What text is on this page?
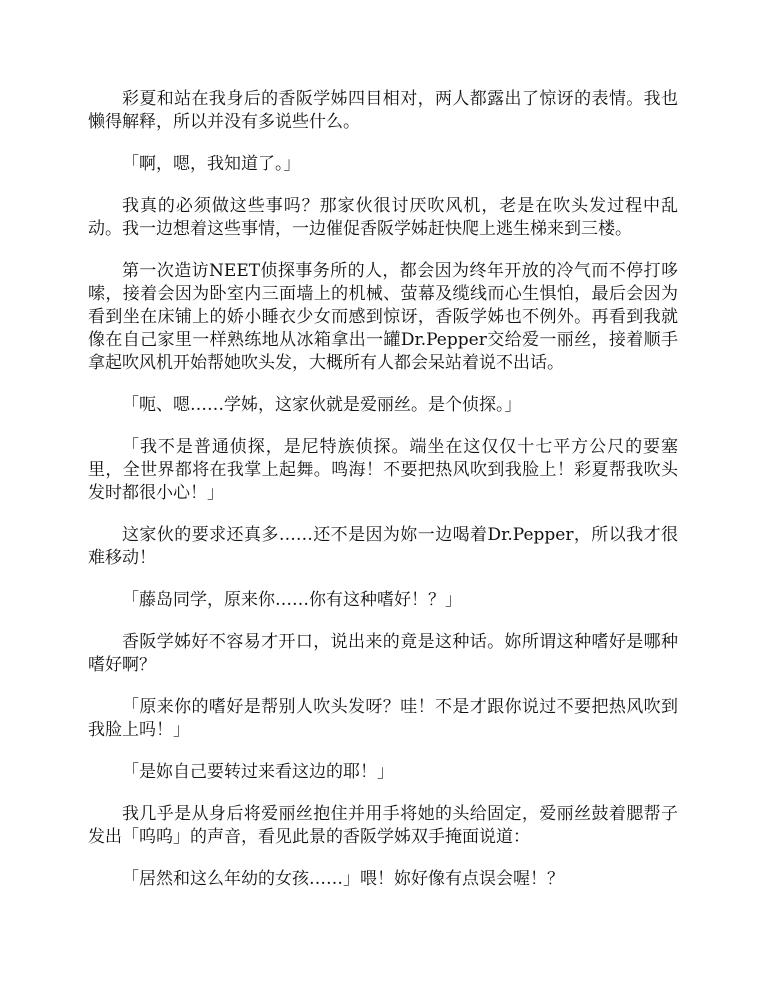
彩夏和站在我身后的香阪学姊四目相对，两人都露出了惊讶的表情。我也懒得解释，所以并没有多说些什么。

「啊，嗯，我知道了。」

我真的必须做这些事吗？那家伙很讨厌吹风机，老是在吹头发过程中乱动。我一边想着这些事情，一边催促香阪学姊赶快爬上逃生梯来到三楼。

第一次造访NEET侦探事务所的人，都会因为终年开放的冷气而不停打哆嗦，接着会因为卧室内三面墙上的机械、萤幕及缆线而心生惧怕，最后会因为看到坐在床铺上的娇小睡衣少女而感到惊讶，香阪学姊也不例外。再看到我就像在自己家里一样熟练地从冰箱拿出一罐Dr.Pepper交给爱一丽丝，接着顺手拿起吹风机开始帮她吹头发，大概所有人都会呆站着说不出话。

「呃、嗯……学姊，这家伙就是爱丽丝。是个侦探。」

「我不是普通侦探，是尼特族侦探。端坐在这仅仅十七平方公尺的要塞里，全世界都将在我掌上起舞。鸣海！不要把热风吹到我脸上！彩夏帮我吹头发时都很小心！」

这家伙的要求还真多……还不是因为妳一边喝着Dr.Pepper，所以我才很难移动！

「藤岛同学，原来你……你有这种嗜好！？」

香阪学姊好不容易才开口，说出来的竟是这种话。妳所谓这种嗜好是哪种嗜好啊？

「原来你的嗜好是帮别人吹头发呀？哇！不是才跟你说过不要把热风吹到我脸上吗！」

「是妳自己要转过来看这边的耶！」

我几乎是从身后将爱丽丝抱住并用手将她的头给固定，爱丽丝鼓着腮帮子发出「呜呜」的声音，看见此景的香阪学姊双手掩面说道：

「居然和这么年幼的女孩……」喂！妳好像有点误会喔！？
